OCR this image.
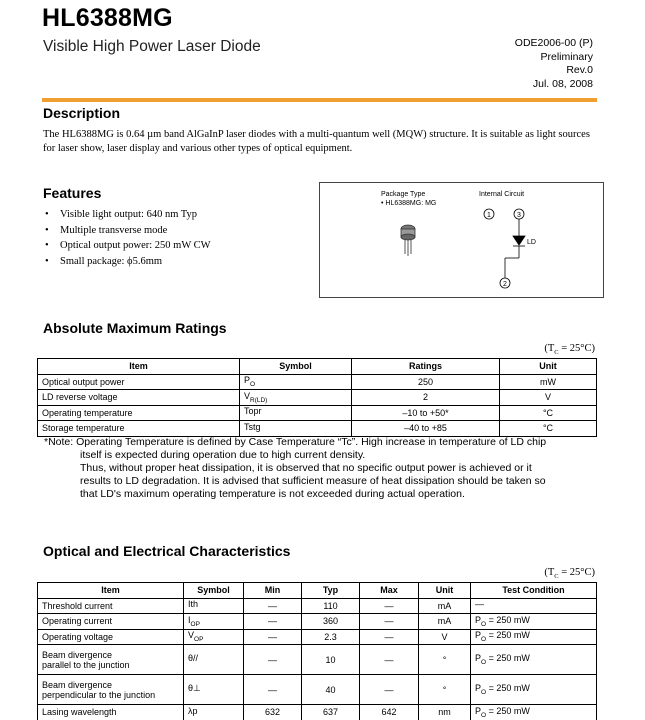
HL6388MG
Visible High Power Laser Diode	ODE2006-00 (P)
Preliminary
Rev.0
Jul. 08, 2008
Description
The HL6388MG is 0.64 µm band AlGaInP laser diodes with a multi-quantum well (MQW) structure. It is suitable as light sources for laser show, laser display and various other types of optical equipment.
Features
• Visible light output: 640 nm Typ
• Multiple transverse mode
• Optical output power: 250 mW CW
• Small package: ϕ5.6mm
1	3
2
LD
Package Type
• HL6388MG: MG
Internal Circuit
Absolute Maximum Ratings
$(T_C = 25^\circ C)$
Item	Symbol	Ratings	Unit
Optical output power	$P_O$	250	mW
LD reverse voltage	$V_{R(LD)}$	2	V
Operating temperature	Topr	–10 to +50*	°C
Storage temperature	Tstg	–40 to +85	°C
*Note: Operating Temperature is defined by Case Temperature “Tc”. High increase in temperature of LD chip
itself is expected during operation due to high current density.
Thus, without proper heat dissipation, it is observed that no specific output power is achieved or it
results to LD degradation. It is advised that sufficient measure of heat dissipation should be taken so
that LD's maximum operating temperature is not exceeded during actual operation.
Optical and Electrical Characteristics
$(T_C = 25^\circ C)$
Item	Symbol	Min	Typ	Max	Unit	Test Condition

Threshold current	Ith	—	110	—	mA	—

Operating current	$I_{OP}$	—	360	—	mA	$P_O = 250$ mW

Operating voltage	$V_{OP}$	—	2.3	—	V	$P_O = 250$ mW

Beam divergence
parallel to the junction	θ//	—	10	—	°	$P_O = 250$ mW

Beam divergence
perpendicular to the junction	θ⊥	—	40	—	°	$P_O = 250$ mW

Lasing wavelength	λp	632	637	642	nm	$P_O = 250$ mW
